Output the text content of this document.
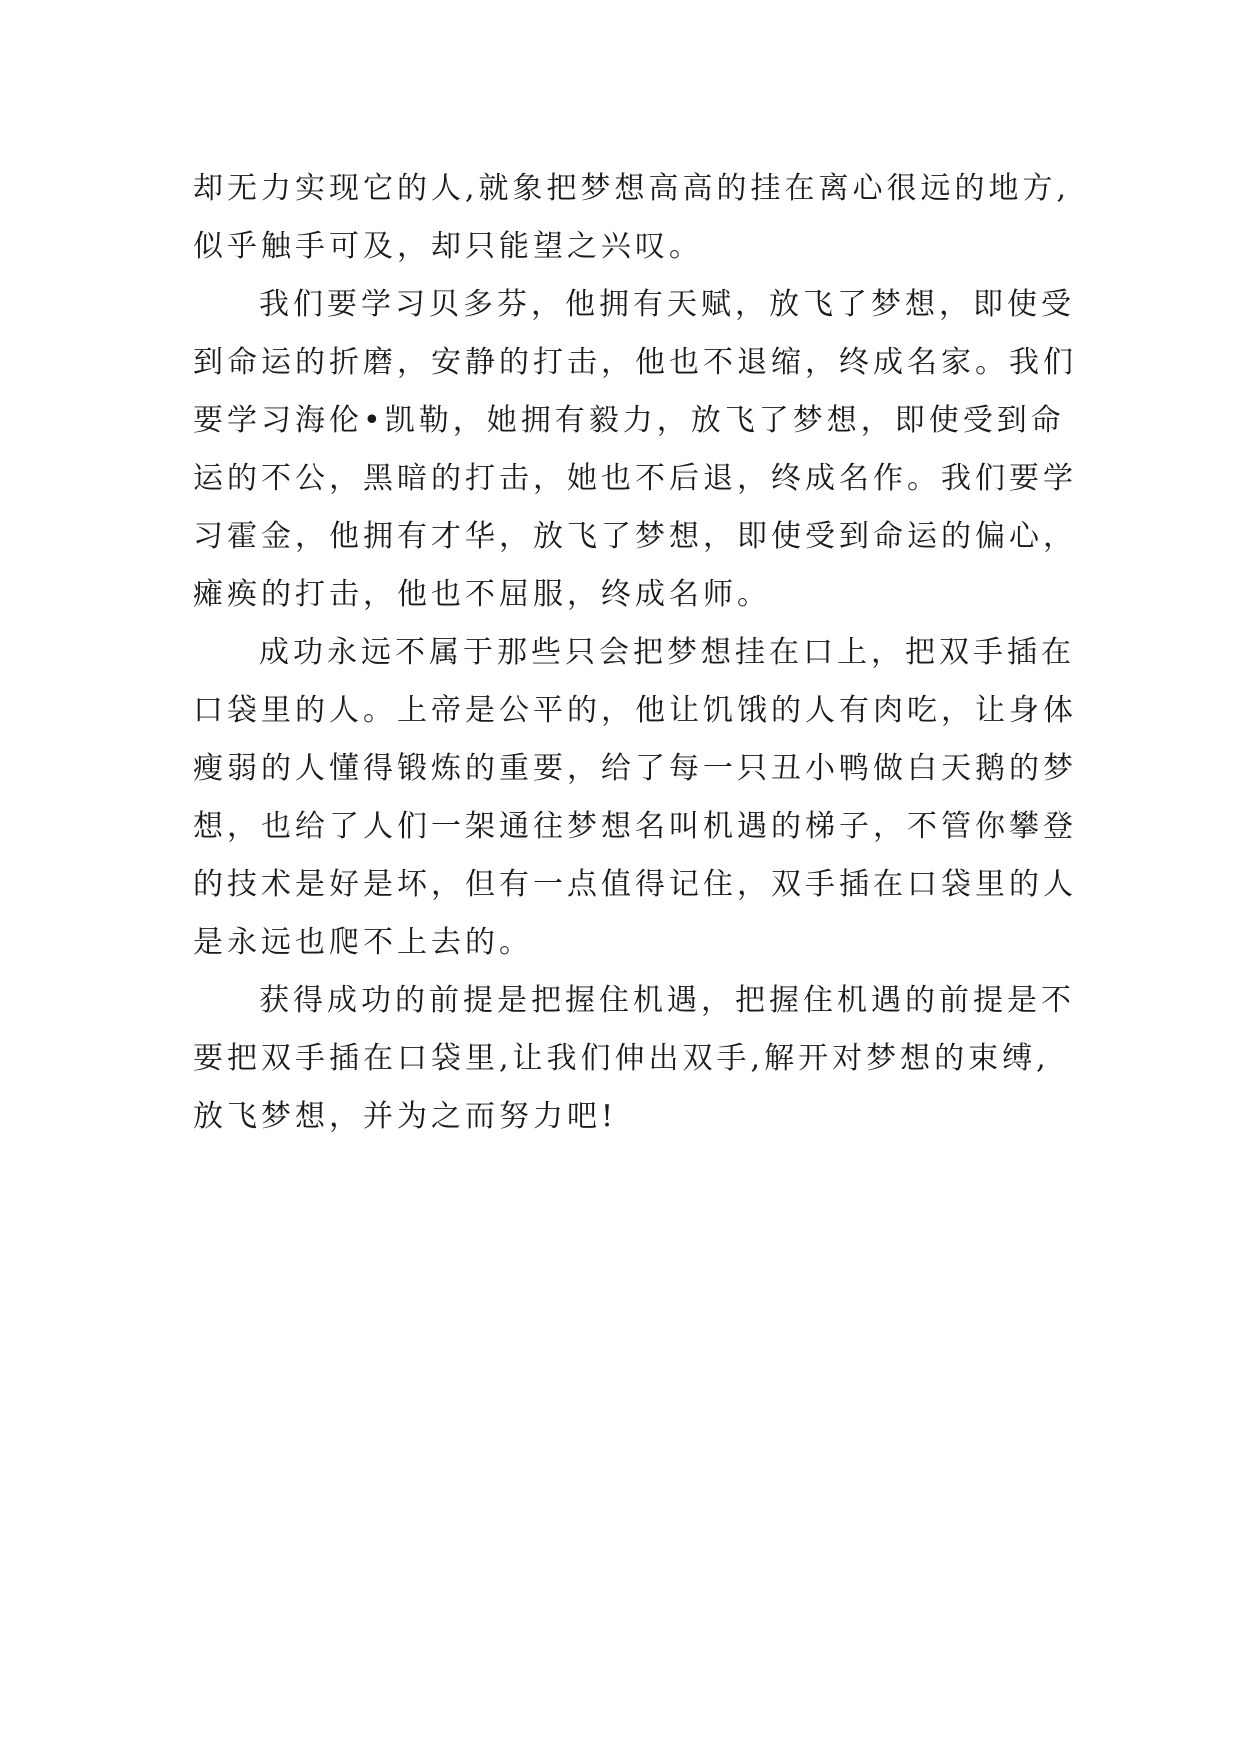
却无力实现它的人,就象把梦想高高的挂在离心很远的地方,
似乎触手可及，却只能望之兴叹。
我们要学习贝多芬，他拥有天赋，放飞了梦想，即使受
到命运的折磨，安静的打击，他也不退缩，终成名家。我们
要学习海伦•凯勒，她拥有毅力，放飞了梦想，即使受到命
运的不公，黑暗的打击，她也不后退，终成名作。我们要学
习霍金，他拥有才华，放飞了梦想，即使受到命运的偏心，
瘫痪的打击，他也不屈服，终成名师。
成功永远不属于那些只会把梦想挂在口上，把双手插在
口袋里的人。上帝是公平的，他让饥饿的人有肉吃，让身体
瘦弱的人懂得锻炼的重要，给了每一只丑小鸭做白天鹅的梦
想，也给了人们一架通往梦想名叫机遇的梯子，不管你攀登
的技术是好是坏，但有一点值得记住，双手插在口袋里的人
是永远也爬不上去的。
获得成功的前提是把握住机遇，把握住机遇的前提是不
要把双手插在口袋里,让我们伸出双手,解开对梦想的束缚,
放飞梦想，并为之而努力吧!
